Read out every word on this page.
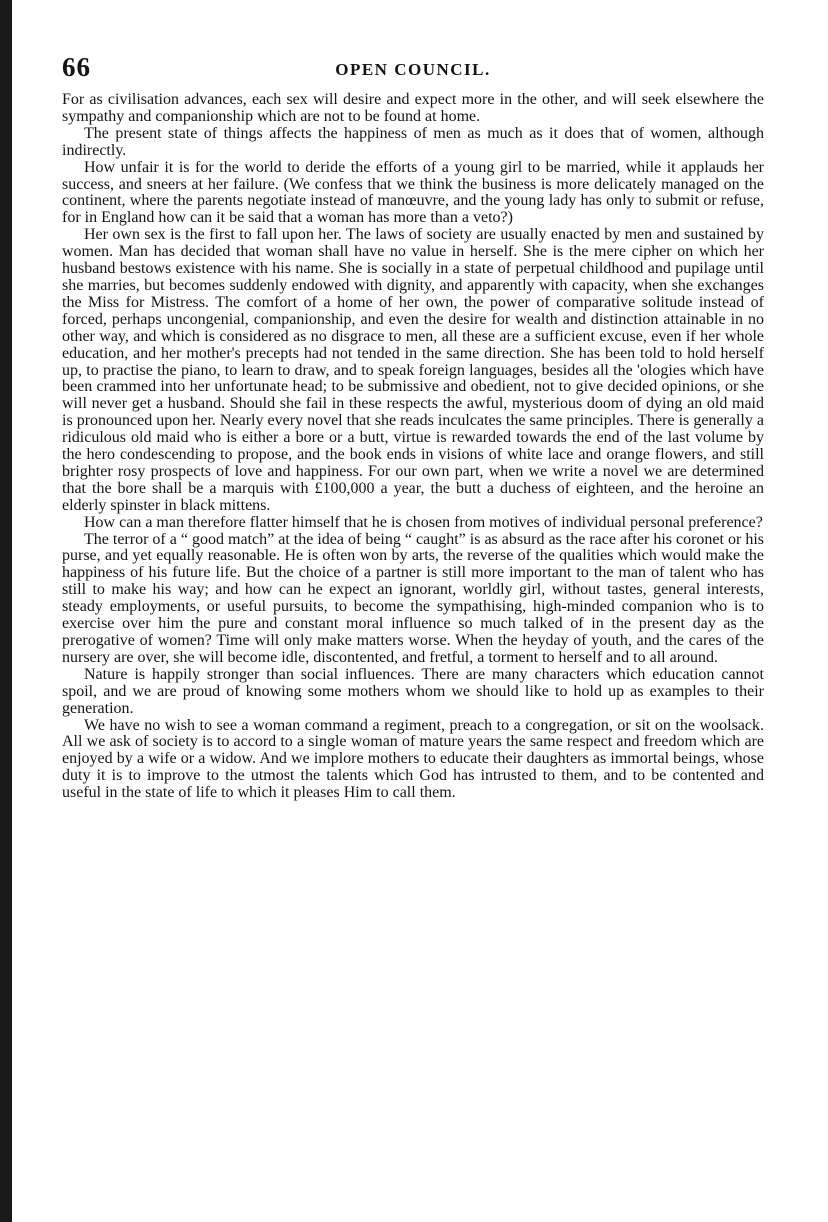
66	OPEN COUNCIL.

For as civilisation advances, each sex will desire and expect more in the other, and will seek elsewhere the sympathy and companionship which are not to be found at home.

The present state of things affects the happiness of men as much as it does that of women, although indirectly.

How unfair it is for the world to deride the efforts of a young girl to be married, while it applauds her success, and sneers at her failure. (We confess that we think the business is more delicately managed on the continent, where the parents negotiate instead of manœuvre, and the young lady has only to submit or refuse, for in England how can it be said that a woman has more than a veto?)

Her own sex is the first to fall upon her. The laws of society are usually enacted by men and sustained by women. Man has decided that woman shall have no value in herself. She is the mere cipher on which her husband bestows existence with his name. She is socially in a state of perpetual childhood and pupilage until she marries, but becomes suddenly endowed with dignity, and apparently with capacity, when she exchanges the Miss for Mistress. The comfort of a home of her own, the power of comparative solitude instead of forced, perhaps uncongenial, companionship, and even the desire for wealth and distinction attainable in no other way, and which is considered as no disgrace to men, all these are a sufficient excuse, even if her whole education, and her mother's precepts had not tended in the same direction. She has been told to hold herself up, to practise the piano, to learn to draw, and to speak foreign languages, besides all the 'ologies which have been crammed into her unfortunate head; to be submissive and obedient, not to give decided opinions, or she will never get a husband. Should she fail in these respects the awful, mysterious doom of dying an old maid is pronounced upon her. Nearly every novel that she reads inculcates the same principles. There is generally a ridiculous old maid who is either a bore or a butt, virtue is rewarded towards the end of the last volume by the hero condescending to propose, and the book ends in visions of white lace and orange flowers, and still brighter rosy prospects of love and happiness. For our own part, when we write a novel we are determined that the bore shall be a marquis with £100,000 a year, the butt a duchess of eighteen, and the heroine an elderly spinster in black mittens.

How can a man therefore flatter himself that he is chosen from motives of individual personal preference?

The terror of a “ good match” at the idea of being “ caught” is as absurd as the race after his coronet or his purse, and yet equally reasonable. He is often won by arts, the reverse of the qualities which would make the happiness of his future life. But the choice of a partner is still more important to the man of talent who has still to make his way; and how can he expect an ignorant, worldly girl, without tastes, general interests, steady employments, or useful pursuits, to become the sympathising, high-minded companion who is to exercise over him the pure and constant moral influence so much talked of in the present day as the prerogative of women? Time will only make matters worse. When the heyday of youth, and the cares of the nursery are over, she will become idle, discontented, and fretful, a torment to herself and to all around.

Nature is happily stronger than social influences. There are many characters which education cannot spoil, and we are proud of knowing some mothers whom we should like to hold up as examples to their generation.

We have no wish to see a woman command a regiment, preach to a congregation, or sit on the woolsack. All we ask of society is to accord to a single woman of mature years the same respect and freedom which are enjoyed by a wife or a widow. And we implore mothers to educate their daughters as immortal beings, whose duty it is to improve to the utmost the talents which God has intrusted to them, and to be contented and useful in the state of life to which it pleases Him to call them.
